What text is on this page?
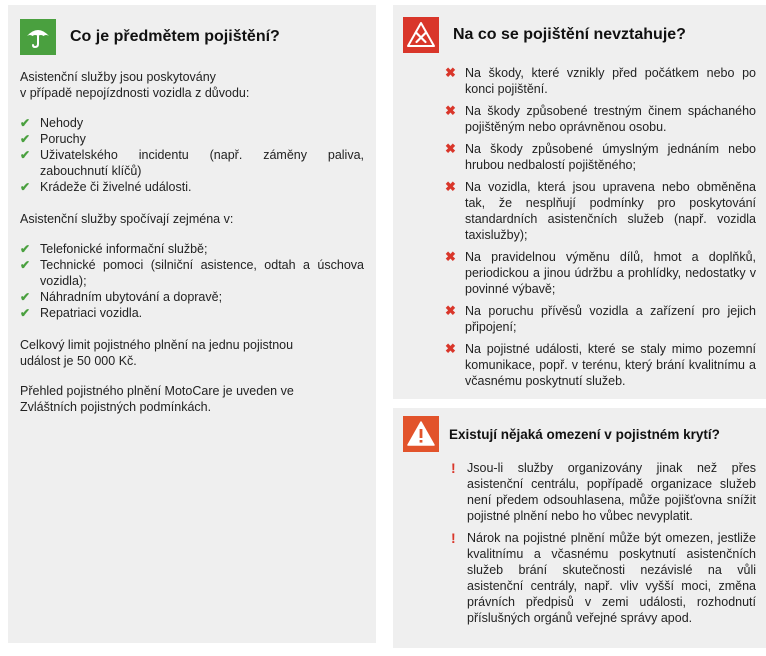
Co je předmětem pojištění?

Asistenční služby jsou poskytovány
v případě nepojízdnosti vozidla z důvodu:

✔ Nehody
✔ Poruchy
✔ Uživatelského incidentu (např. záměny paliva, zabouchnutí klíčů)
✔ Krádeže či živelné události.

Asistenční služby spočívají zejména v:

✔ Telefonické informační službě;
✔ Technické pomoci (silniční asistence, odtah a úschova vozidla);
✔ Náhradním ubytování a dopravě;
✔ Repatriaci vozidla.

Celkový limit pojistného plnění na jednu pojistnou
událost je 50 000 Kč.

Přehled pojistného plnění MotoCare je uveden ve
Zvláštních pojistných podmínkách.

Na co se pojištění nevztahuje?
✖ Na škody, které vznikly před počátkem nebo po konci pojištění.
✖ Na škody způsobené trestným činem spáchaného pojištěným nebo oprávněnou osobu.
✖ Na škody způsobené úmyslným jednáním nebo hrubou nedbalostí pojištěného;
✖ Na vozidla, která jsou upravena nebo obměněna tak, že nesplňují podmínky pro poskytování standardních asistenčních služeb (např. vozidla taxislužby);
✖ Na pravidelnou výměnu dílů, hmot a doplňků, periodickou a jinou údržbu a prohlídky, nedostatky v povinné výbavě;
✖ Na poruchu přívěsů vozidla a zařízení pro jejich připojení;
✖ Na pojistné události, které se staly mimo pozemní komunikace, popř. v terénu, který brání kvalitnímu a včasnému poskytnutí služeb.
Existují nějaká omezení v pojistném krytí?
! Jsou-li služby organizovány jinak než přes asistenční centrálu, popřípadě organizace služeb není předem odsouhlasena, může pojišťovna snížit pojistné plnění nebo ho vůbec nevyplatit.
! Nárok na pojistné plnění může být omezen, jestliže kvalitnímu a včasnému poskytnutí asistenčních služeb brání skutečnosti nezávislé na vůli asistenční centrály, např. vliv vyšší moci, změna právních předpisů v zemi události, rozhodnutí příslušných orgánů veřejné správy apod.
